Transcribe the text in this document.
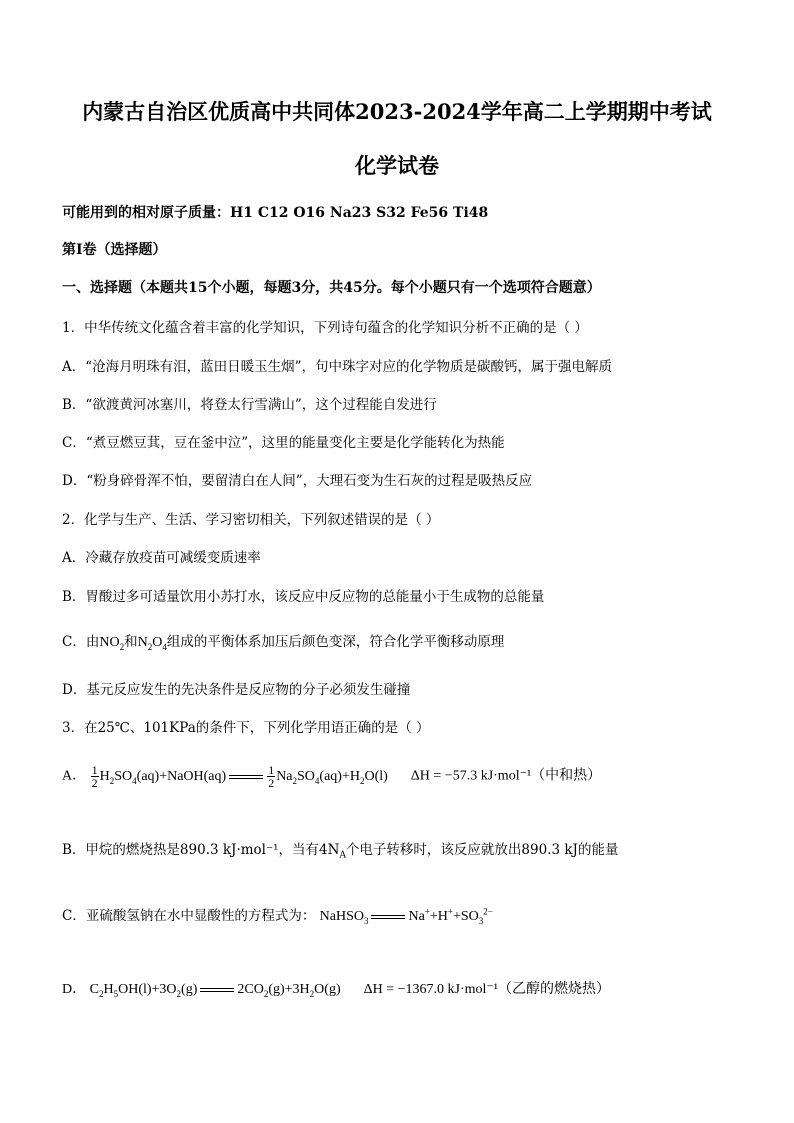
内蒙古自治区优质高中共同体2023-2024学年高二上学期期中考试
化学试卷
可能用到的相对原子质量：H1 C12 O16 Na23 S32 Fe56 Ti48
第Ⅰ卷（选择题）
一、选择题（本题共15个小题，每题3分，共45分。每个小题只有一个选项符合题意）
1．中华传统文化蕴含着丰富的化学知识，下列诗句蕴含的化学知识分析不正确的是（ ）
A．“沧海月明珠有泪，蓝田日暖玉生烟”，句中珠字对应的化学物质是碳酸钙，属于强电解质
B．“欲渡黄河冰塞川，将登太行雪满山”，这个过程能自发进行
C．“煮豆燃豆萁，豆在釜中泣”，这里的能量变化主要是化学能转化为热能
D．“粉身碎骨浑不怕，要留清白在人间”，大理石变为生石灰的过程是吸热反应
2．化学与生产、生活、学习密切相关，下列叙述错误的是（ ）
A．冷藏存放疫苗可减缓变质速率
B．胃酸过多可适量饮用小苏打水，该反应中反应物的总能量小于生成物的总能量
C．由$NO_2$和$N_2O_4$组成的平衡体系加压后颜色变深，符合化学平衡移动原理
D．基元反应发生的先决条件是反应物的分子必须发生碰撞
3．在25℃、101KPa的条件下，下列化学用语正确的是（ ）
A． $\frac{1}{2}$ $H_2SO_4(aq)+NaOH(aq)$	$\frac{1}{2} Na_2SO_4(aq)+H_2O(l) \Delta H = -57.3$ kJ·mol⁻¹（中和热）
B．甲烷的燃烧热是890.3 kJ·mol⁻¹，当有$4N_A$个电子转移时，该反应就放出890.3 kJ的能量
C．亚硫酸氢钠在水中显酸性的方程式为： NaHSO$_3$	$Na^++H^++SO_3^{2-}$
D． $C_2H_5OH(l)+3O_2(g)$	$2CO_2(g)+3H_2O(g) \Delta H = -1367.0$ kJ·mol⁻¹（乙醇的燃烧热）
